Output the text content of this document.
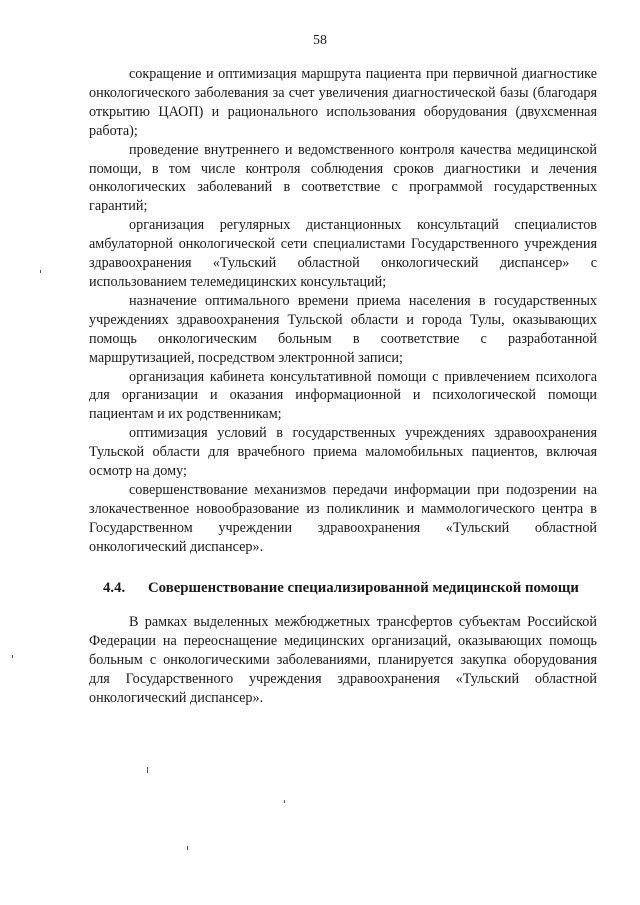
58

сокращение и оптимизация маршрута пациента при первичной диагностике онкологического заболевания за счет увеличения диагностической базы (благодаря открытию ЦАОП) и рационального использования оборудования (двухсменная работа);

проведение внутреннего и ведомственного контроля качества медицинской помощи, в том числе контроля соблюдения сроков диагностики и лечения онкологических заболеваний в соответствие с программой государственных гарантий;

организация регулярных дистанционных консультаций специалистов амбулаторной онкологической сети специалистами Государственного учреждения здравоохранения «Тульский областной онкологический диспансер» с использованием телемедицинских консультаций;

назначение оптимального времени приема населения в государственных учреждениях здравоохранения Тульской области и города Тулы, оказывающих помощь онкологическим больным в соответствие с разработанной маршрутизацией, посредством электронной записи;

организация кабинета консультативной помощи с привлечением психолога для организации и оказания информационной и психологической помощи пациентам и их родственникам;

оптимизация условий в государственных учреждениях здравоохранения Тульской области для врачебного приема маломобильных пациентов, включая осмотр на дому;

совершенствование механизмов передачи информации при подозрении на злокачественное новообразование из поликлиник и маммологического центра в Государственном учреждении здравоохранения «Тульский областной онкологический диспансер».

4.4. Совершенствование специализированной медицинской помощи

В рамках выделенных межбюджетных трансфертов субъектам Российской Федерации на переоснащение медицинских организаций, оказывающих помощь больным с онкологическими заболеваниями, планируется закупка оборудования для Государственного учреждения здравоохранения «Тульский областной онкологический диспансер».
